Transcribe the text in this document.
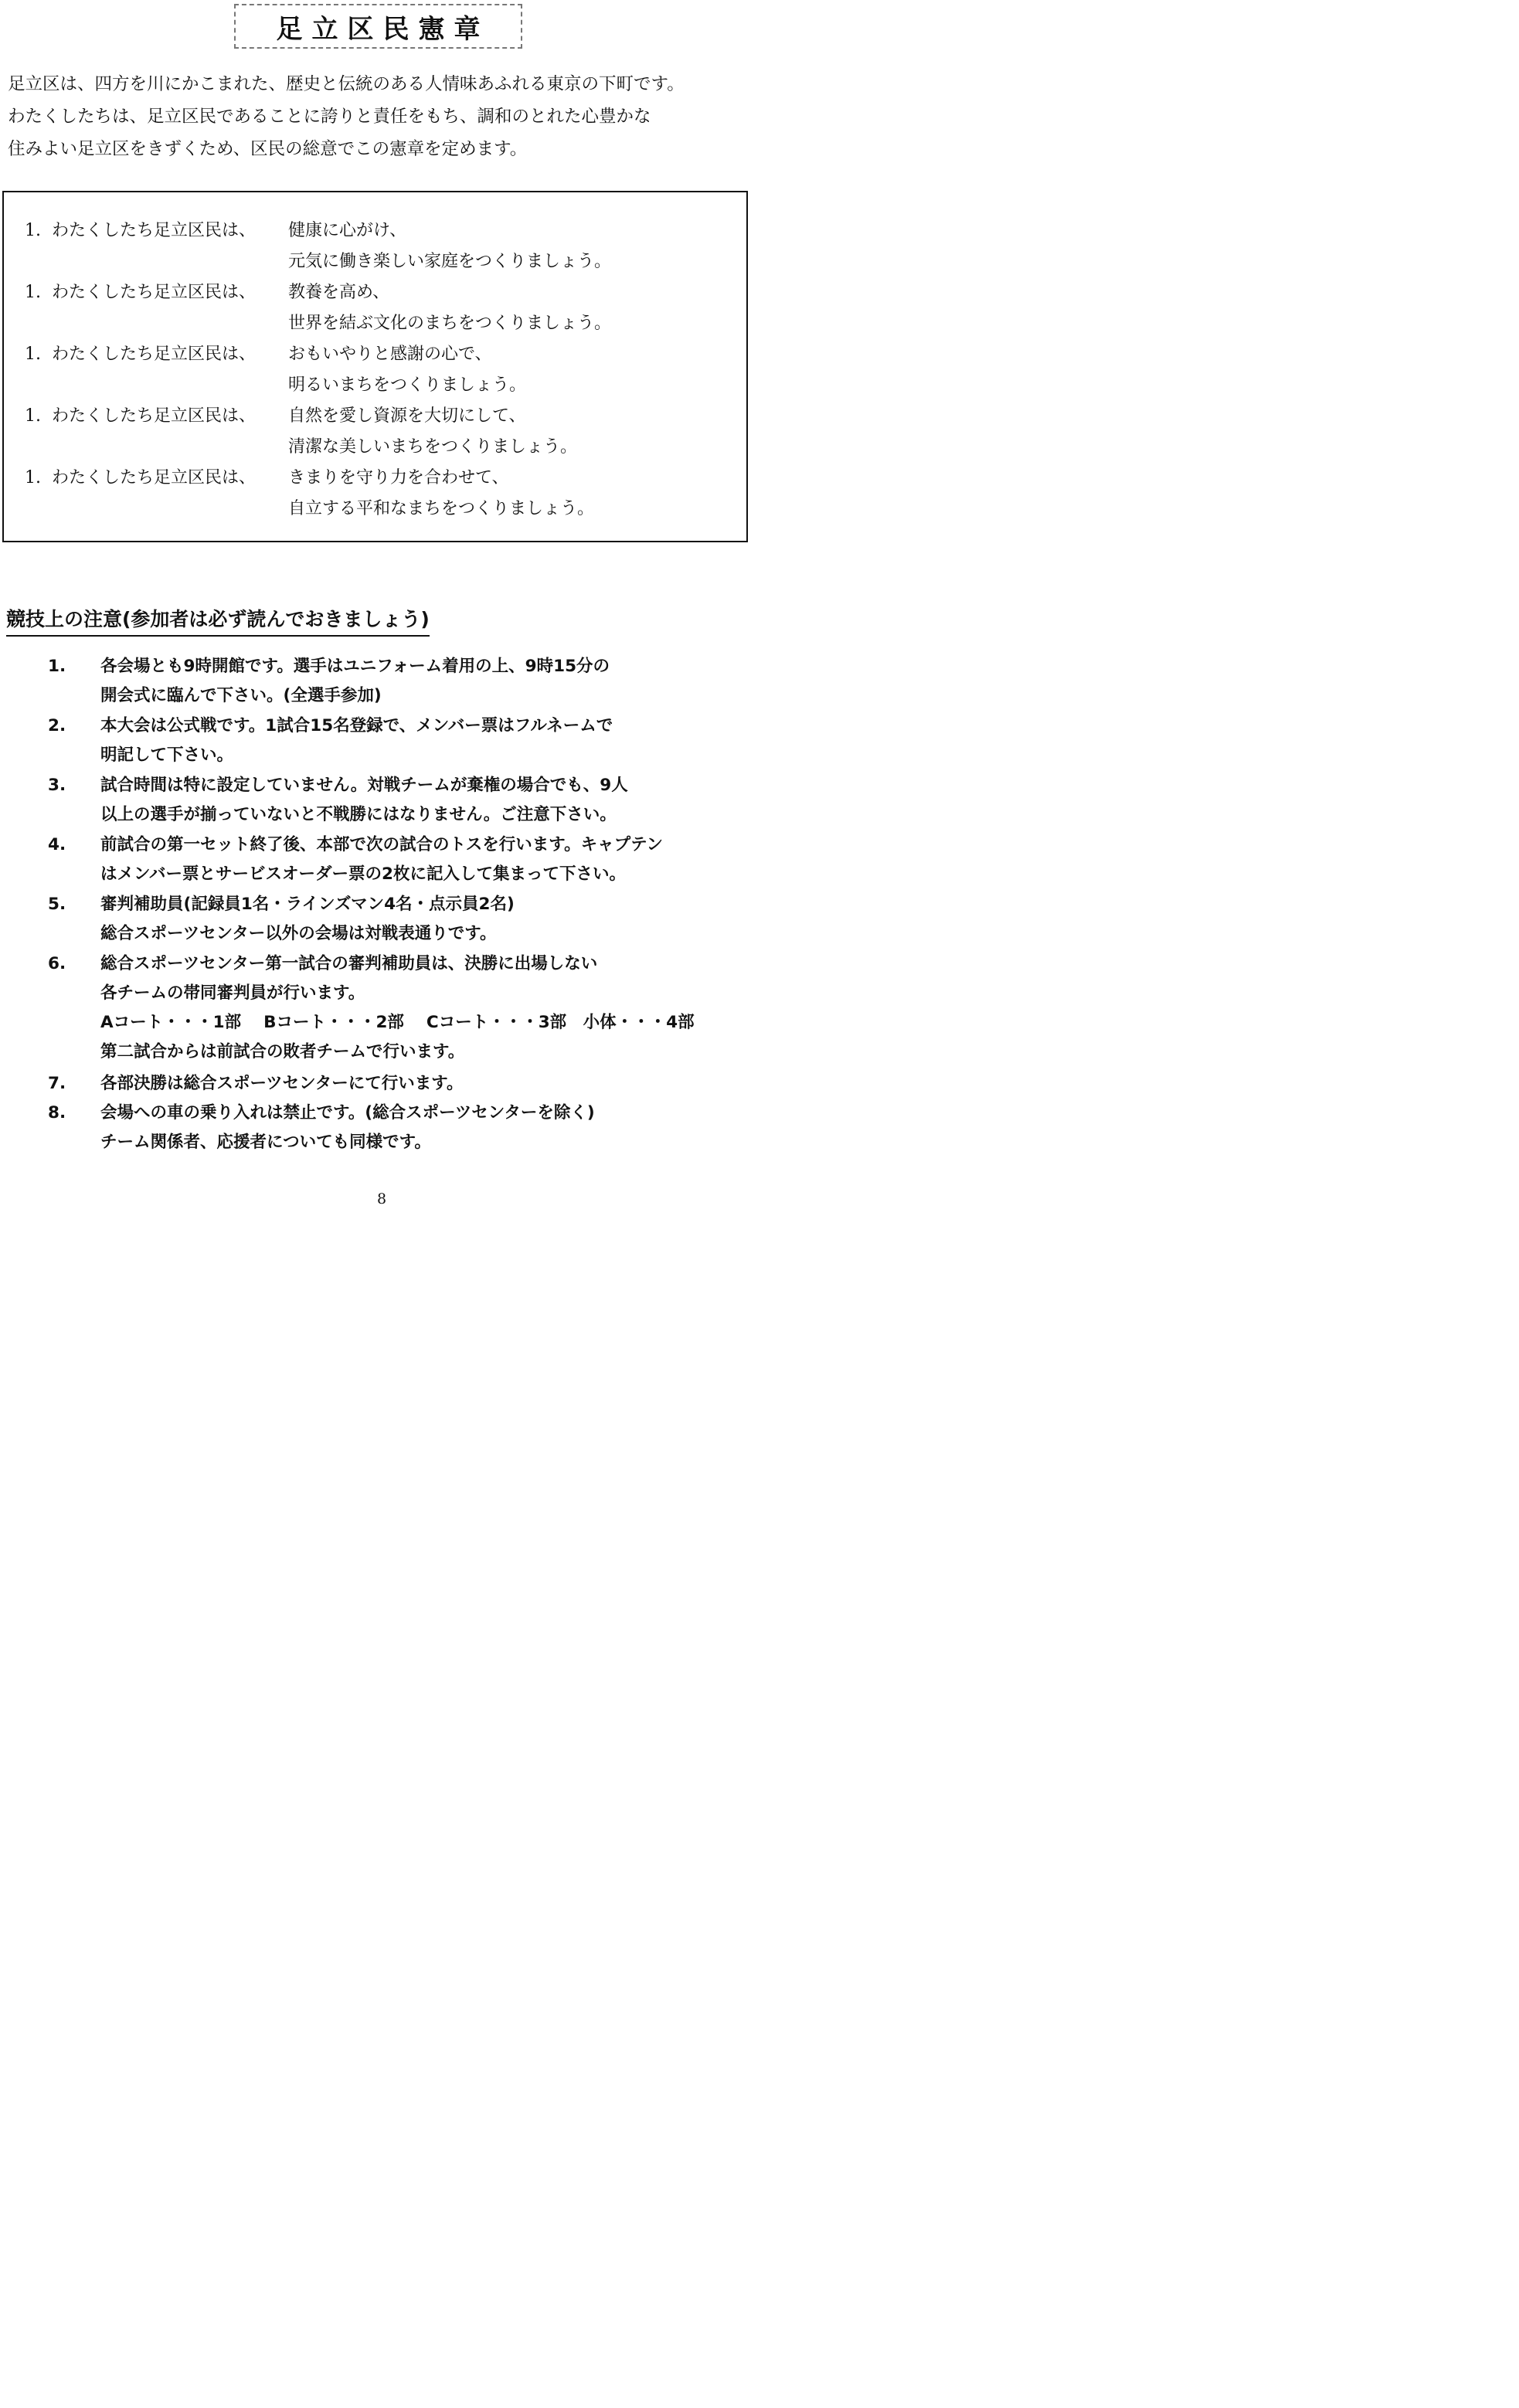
足立区民憲章
足立区は、四方を川にかこまれた、歴史と伝統のある人情味あふれる東京の下町です。
わたくしたちは、足立区民であることに誇りと責任をもち、調和のとれた心豊かな
住みよい足立区をきずくため、区民の総意でこの憲章を定めます。
1. わたくしたち足立区民は、 健康に心がけ、
元気に働き楽しい家庭をつくりましょう。
1. わたくしたち足立区民は、 教養を高め、
世界を結ぶ文化のまちをつくりましょう。
1. わたくしたち足立区民は、 おもいやりと感謝の心で、
明るいまちをつくりましょう。
1. わたくしたち足立区民は、 自然を愛し資源を大切にして、
清潔な美しいまちをつくりましょう。
1. わたくしたち足立区民は、 きまりを守り力を合わせて、
自立する平和なまちをつくりましょう。
競技上の注意(参加者は必ず読んでおきましょう)
1. 各会場とも9時開館です。選手はユニフォーム着用の上、9時15分の
開会式に臨んで下さい。(全選手参加)
2. 本大会は公式戦です。1試合15名登録で、メンバー票はフルネームで
明記して下さい。
3. 試合時間は特に設定していません。対戦チームが棄権の場合でも、9人
以上の選手が揃っていないと不戦勝にはなりません。ご注意下さい。
4. 前試合の第一セット終了後、本部で次の試合のトスを行います。キャプテン
はメンバー票とサービスオーダー票の2枚に記入して集まって下さい。
5. 審判補助員(記録員1名・ラインズマン4名・点示員2名)
総合スポーツセンター以外の会場は対戦表通りです。
6. 総合スポーツセンター第一試合の審判補助員は、決勝に出場しない
各チームの帯同審判員が行います。
Aコート・・・1部　 Bコート・・・2部　 Cコート・・・3部　小体・・・4部
第二試合からは前試合の敗者チームで行います。
7. 各部決勝は総合スポーツセンターにて行います。
8. 会場への車の乗り入れは禁止です。(総合スポーツセンターを除く)
チーム関係者、応援者についても同様です。
8
